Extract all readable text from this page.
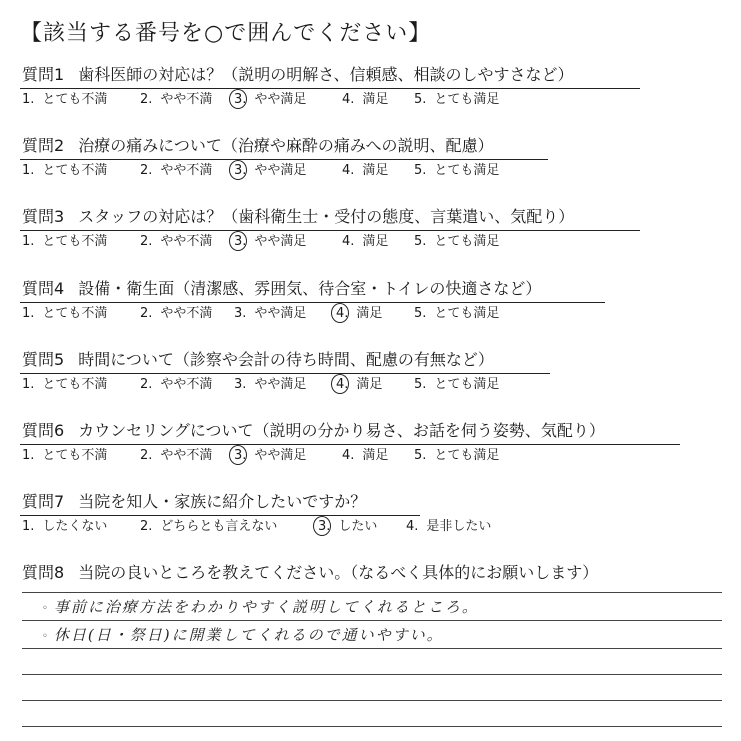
【該当する番号を○で囲んでください】
質問1 歯科医師の対応は？（説明の明解さ、信頼感、相談のしやすさなど）
1. とても不満	2. やや不満 3. やや満足	4. 満足 5. とても満足
質問2 治療の痛みについて（治療や麻酔の痛みへの説明、配慮）
1. とても不満	2. やや不満 3. やや満足	4. 満足 5. とても満足
質問3 スタッフの対応は？（歯科衛生士・受付の態度、言葉遣い、気配り）
1. とても不満	2. やや不満 3. やや満足	4. 満足 5. とても満足
質問4 設備・衛生面（清潔感、雰囲気、待合室・トイレの快適さなど）
1. とても不満	2. やや不満 3. やや満足 4. 満足 5. とても満足
質問5 時間について（診察や会計の待ち時間、配慮の有無など）
1. とても不満	2. やや不満 3. やや満足 4. 満足 5. とても満足
質問6 カウンセリングについて（説明の分かり易さ、お話を伺う姿勢、気配り）
1. とても不満	2. やや不満 3. やや満足	4. 満足 5. とても満足
質問7 当院を知人・家族に紹介したいですか？
1. したくない	2. どちらとも言えない	3. したい 4. 是非したい
質問8 当院の良いところを教えてください。（なるべく具体的にお願いします）
◦ 事前に治療方法をわかりやすく説明してくれるところ。
◦ 休日(日・祭日)に開業してくれるので通いやすい。
